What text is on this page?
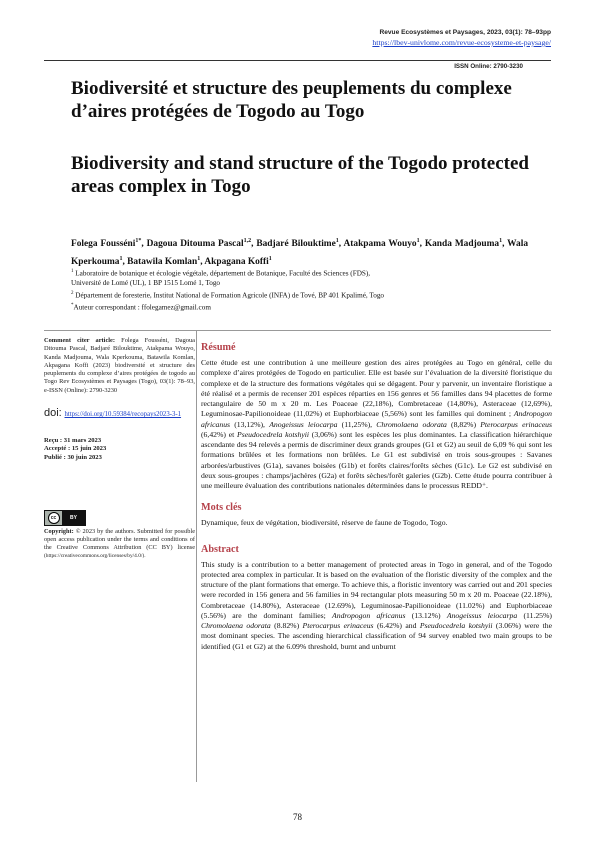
Revue Ecosystèmes et Paysages, 2023, 03(1): 78–93pp
https://lbev-univlome.com/revue-ecosysteme-et-paysage/
ISSN Online: 2790-3230
Biodiversité et structure des peuplements du complexe d’aires protégées de Togodo au Togo
Biodiversity and stand structure of the Togodo protected areas complex in Togo
Folega Fousséni$^{1*}$, Dagoua Ditouma Pascal$^{1,2}$, Badjaré Bilouktime$^1$, Atakpama Wouyo$^1$, Kanda Madjouma$^1$, Wala Kperkouma$^1$, Batawila Komlan$^1$, Akpagana Koffi$^1$
$^1$ Laboratoire de botanique et écologie végétale, département de Botanique, Faculté des Sciences (FDS),
Université de Lomé (UL), 1 BP 1515 Lomé 1, Togo
$^2$ Département de foresterie, Institut National de Formation Agricole (INFA) de Tové, BP 401 Kpalimé, Togo
*Auteur correspondant : ffolegamez@gmail.com
Comment citer article: Folega Fousséni, Dagoua Ditouma Pascal, Badjaré Bilouktime, Atakpama Wouyo, Kanda Madjouma, Wala Kperkouma, Batawila Komlan, Akpagana Koffi (2023) biodiversité et structure des peuplements du complexe d’aires protégées de togodo au Togo Rev Ecosystèmes et Paysages (Togo), 03(1): 78–93, e-ISSN (Online): 2790-3230
doi: https://doi.org/10.59384/recopays2023-3-1
Reçu : 31 mars 2023
Accepté : 15 juin 2023
Publié : 30 juin 2023
cc	BY
Copyright: © 2023 by the authors. Submitted for possible open access publication under the terms and conditions of the Creative Commons Attribution (CC BY) license (https://creativecommons.org/licenses/by/4.0/).
Résumé

Cette étude est une contribution à une meilleure gestion des aires protégées au Togo en général, celle du complexe d’aires protégées de Togodo en particulier. Elle est basée sur l’évaluation de la diversité floristique du complexe et de la structure des formations végétales qui se dégagent. Pour y parvenir, un inventaire floristique a été réalisé et a permis de recenser 201 espèces réparties en 156 genres et 56 familles dans 94 placettes de forme rectangulaire de 50 m x 20 m. Les Poaceae (22,18%), Combretaceae (14,80%), Asteraceae (12,69%), Leguminosae-Papilionoideae (11,02%) et Euphorbiaceae (5,56%) sont les familles qui dominent ; Andropogon africanus (13,12%), Anogeissus leiocarpa (11,25%), Chromolaena odorata (8,82%) Pterocarpus erinaceus (6,42%) et Pseudocedrela kotshyii (3,06%) sont les espèces les plus dominantes. La classification hiérarchique ascendante des 94 relevés a permis de discriminer deux grands groupes (G1 et G2) au seuil de 6,09 % qui sont les formations brûlées et les formations non brûlées. Le G1 est subdivisé en trois sous-groupes : Savanes arborées/arbustives (G1a), savanes boisées (G1b) et forêts claires/forêts sèches (G1c). Le G2 est subdivisé en deux sous-groupes : champs/jachères (G2a) et forêts sèches/forêt galeries (G2b). Cette étude pourra contribuer à une meilleure évaluation des contributions nationales déterminées dans le processus REDD⁺.

Mots clés

Dynamique, feux de végétation, biodiversité, réserve de faune de Togodo, Togo.

Abstract

This study is a contribution to a better management of protected areas in Togo in general, and of the Togodo protected area complex in particular. It is based on the evaluation of the floristic diversity of the complex and the structure of the plant formations that emerge. To achieve this, a floristic inventory was carried out and 201 species were recorded in 156 genera and 56 families in 94 rectangular plots measuring 50 m x 20 m. Poaceae (22.18%), Combretaceae (14.80%), Asteraceae (12.69%), Leguminosae-Papilionoideae (11.02%) and Euphorbiaceae (5.56%) are the dominant families; Andropogon africanus (13.12%) Anogeissus leiocarpa (11.25%) Chromolaena odorata (8.82%) Pterocarpus erinaceus (6.42%) and Pseudocedrela kotshyii (3.06%) were the most dominant species. The ascending hierarchical classification of 94 survey enabled two main groups to be identified (G1 et G2) at the 6.09% threshold, burnt and unburnt

78
